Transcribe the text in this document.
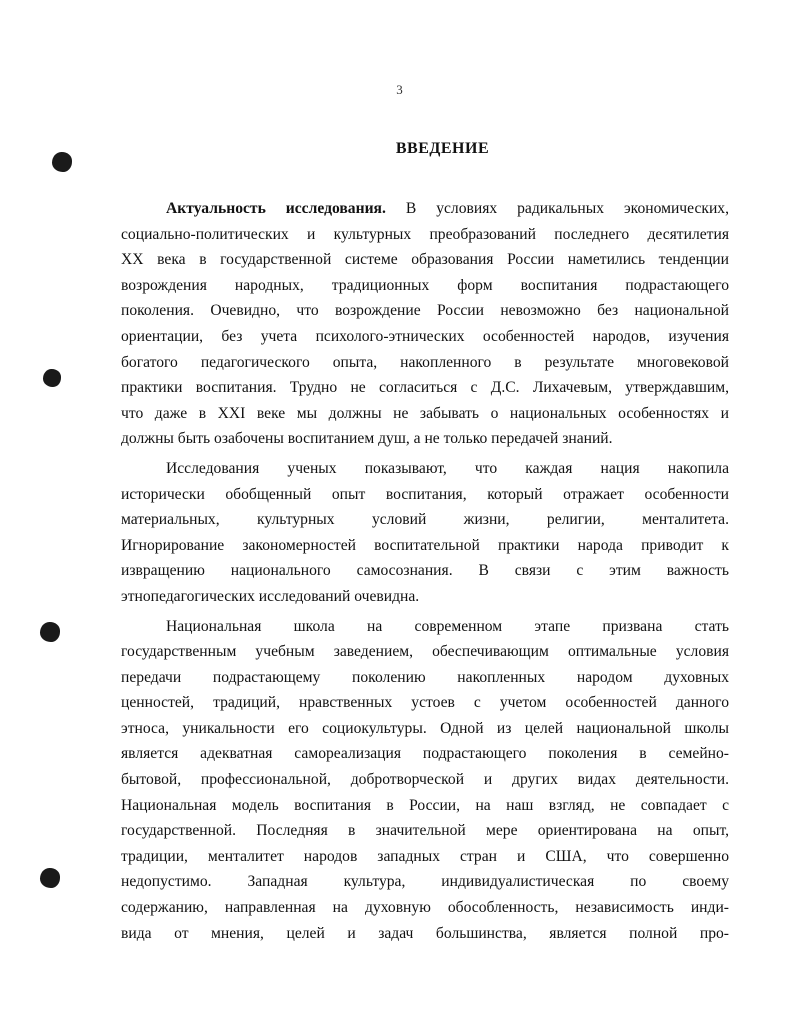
3
ВВЕДЕНИЕ
Актуальность исследования. В условиях радикальных экономических,
социально-политических и культурных преобразований последнего десятилетия
XX века в государственной системе образования России наметились тенденции
возрождения народных, традиционных форм воспитания подрастающего
поколения. Очевидно, что возрождение России невозможно без национальной
ориентации, без учета психолого-этнических особенностей народов, изучения
богатого педагогического опыта, накопленного в результате многовековой
практики воспитания. Трудно не согласиться с Д.С. Лихачевым, утверждавшим,
что даже в XXI веке мы должны не забывать о национальных особенностях и
должны быть озабочены воспитанием душ, а не только передачей знаний.
Исследования ученых показывают, что каждая нация накопила
исторически обобщенный опыт воспитания, который отражает особенности
материальных, культурных условий жизни, религии, менталитета.
Игнорирование закономерностей воспитательной практики народа приводит к
извращению национального самосознания. В связи с этим важность
этнопедагогических исследований очевидна.
Национальная школа на современном этапе призвана стать
государственным учебным заведением, обеспечивающим оптимальные условия
передачи подрастающему поколению накопленных народом духовных
ценностей, традиций, нравственных устоев с учетом особенностей данного
этноса, уникальности его социокультуры. Одной из целей национальной школы
является адекватная самореализация подрастающего поколения в семейно-
бытовой, профессиональной, добротворческой и других видах деятельности.
Национальная модель воспитания в России, на наш взгляд, не совпадает с
государственной. Последняя в значительной мере ориентирована на опыт,
традиции, менталитет народов западных стран и США, что совершенно
недопустимо. Западная культура, индивидуалистическая по своему
содержанию, направленная на духовную обособленность, независимость инди-
вида от мнения, целей и задач большинства, является полной про-
